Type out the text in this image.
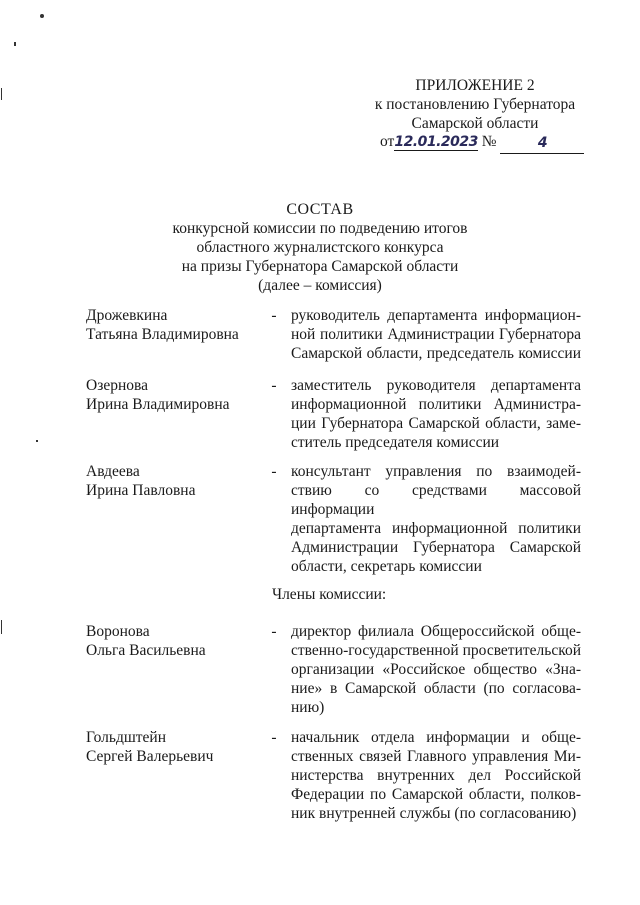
ПРИЛОЖЕНИЕ 2
к постановлению Губернатора
Самарской области
от12.01.2023 №	4
СОСТАВ
конкурсной комиссии по подведению итогов
областного журналистского конкурса
на призы Губернатора Самарской области
(далее – комиссия)
Дрожевкина
Татьяна Владимировна
- руководитель департамента информацион-
ной политики Администрации Губернатора
Самарской области, председатель комиссии
Озернова
Ирина Владимировна
- заместитель руководителя департамента
информационной политики Администра-
ции Губернатора Самарской области, заме-
ститель председателя комиссии
Авдеева
Ирина Павловна
- консультант управления по взаимодей-
ствию со средствами массовой информации
департамента информационной политики
Администрации Губернатора Самарской
области, секретарь комиссии
Члены комиссии:
Воронова
Ольга Васильевна
- директор филиала Общероссийской обще-
ственно-государственной просветительской
организации «Российское общество «Зна-
ние» в Самарской области (по согласова-
нию)
Гольдштейн
Сергей Валерьевич
- начальник отдела информации и обще-
ственных связей Главного управления Ми-
нистерства внутренних дел Российской
Федерации по Самарской области, полков-
ник внутренней службы (по согласованию)
